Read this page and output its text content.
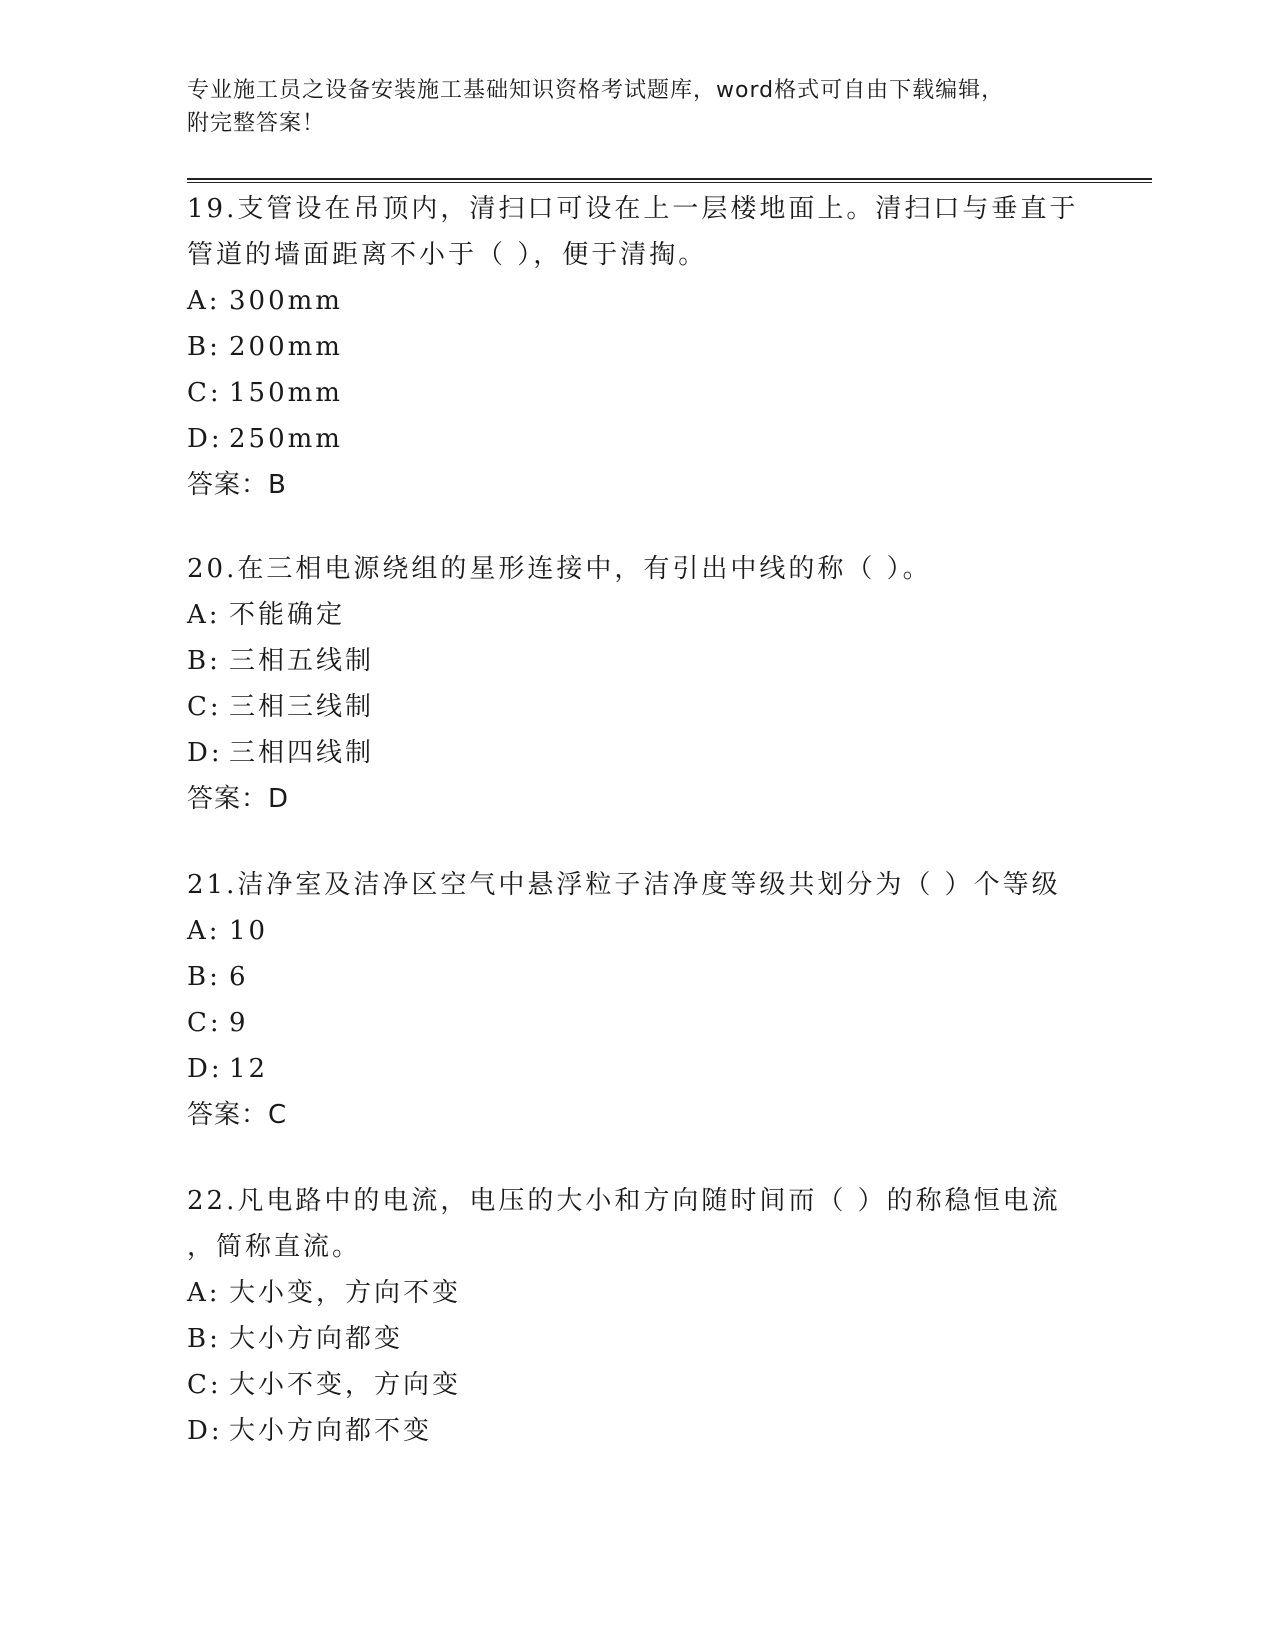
专业施工员之设备安装施工基础知识资格考试题库，word格式可自由下载编辑，
附完整答案！
19.支管设在吊顶内，清扫口可设在上一层楼地面上。清扫口与垂直于
管道的墙面距离不小于（ ），便于清掏。
A: 300mm
B: 200mm
C: 150mm
D: 250mm
答案：B
20.在三相电源绕组的星形连接中，有引出中线的称（ ）。
A: 不能确定
B: 三相五线制
C: 三相三线制
D: 三相四线制
答案：D
21.洁净室及洁净区空气中悬浮粒子洁净度等级共划分为（ ）个等级
A: 10
B: 6
C: 9
D: 12
答案：C
22.凡电路中的电流，电压的大小和方向随时间而（ ）的称稳恒电流
，简称直流。
A: 大小变，方向不变
B: 大小方向都变
C: 大小不变，方向变
D: 大小方向都不变
